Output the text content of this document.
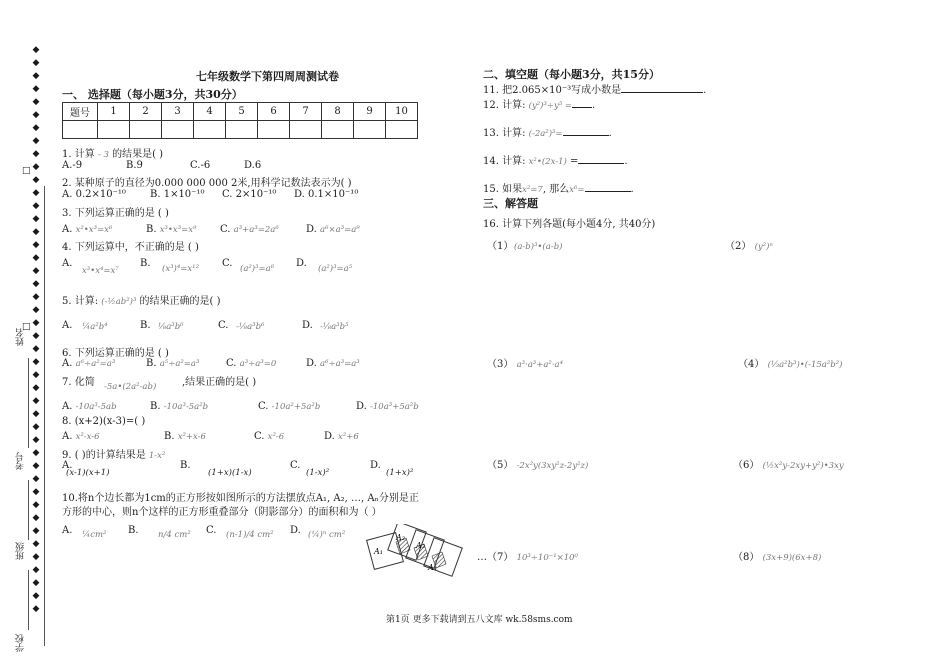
◆
◆
◆
◆
◆
◆
◆
◆
◆
◆
◆
◆
◆
◆
◆
◆
◆
◆
◆
◆
◆
◆
◆
◆
◆
◆
◆
◆
◆
◆
◆
◆
◆
◆
◆
◆
◆
◆
◆
◆
◆
◆
◆
◆
□
□
姓名
考号
班级
学校
七年级数学下第四周周测试卷
一、 选择题（每小题3分，共30分）
题号	1	2	3	4	5	6	7	8	9	10

1. 计算 - 3 的结果是( )
A.-9	B.9	C.-6	D.6
2. 某种原子的直径为0.000 000 000 2米,用科学记数法表示为( )
A. 0.2×10⁻¹⁰ B. 1×10⁻¹⁰ C. 2×10⁻¹⁰ D. 0.1×10⁻¹⁰
3. 下列运算正确的是 ( )
A. x²•x³=x⁶	B. x³•x³=x⁹ C. a³+a³=2a⁶	D. a⁶×a³=a⁹
4. 下列运算中，不正确的是 ( )
A.
x³•x⁴=x⁷
B. (x³)⁴=x¹² C. (a²)³=a⁶ D. (a²)³=a⁵
5. 计算: (-½ab²)³ 的结果正确的是( )
A. ¼a²b⁴	B. ⅛a³b⁶	C. -⅛a³b⁶	D. -⅛a³b⁵
6. 下列运算正确的是 ( )
A. a⁶÷a²=a³	B. a⁵÷a²=a³	C. a³÷a³=0	D. a⁶÷a³=a³
7. 化简 -5a•(2a²-ab)	,结果正确的是( )
A. -10a³-5ab	B. -10a³-5a²b	C. -10a²+5a²b	D. -10a³+5a²b
8. (x+2)(x-3)=( )
A. x²-x-6	B. x²+x-6	C. x²-6	D. x²+6
9. ( )的计算结果是 1-x²
A.
(x-1)(x+1)
B.
(1+x)(1-x)
C.
(1-x)²
D.
(1+x)²
10.将n个边长都为1cm的正方形按如图所示的方法摆放点A₁, A₂, …, Aₙ分别是正
方形的中心，则n个这样的正方形重叠部分（阴影部分）的面积和为（ ）
A. ¼cm² B. n/4 cm² C. (n-1)/4 cm² D. (¼)ⁿ cm²
A₁
A₂
A₃
A₄
二、填空题（每小题3分，共15分）
11. 把2.065×10⁻³写成小数是	.
12. 计算: (y²)³÷y⁵ = .
13. 计算: (-2a²)³=	.
14. 计算: x²•(2x-1) =	.
15. 如果x²=7, 那么x⁶=	.
三、解答题
16. 计算下列各题(每小题4分, 共40分)
（1） (a-b)³•(a-b)	（2） (y²)ⁿ
（3） a³·a³+a²·a⁴	（4） (⅓a²b³)•(-15a²b²)
（5） -2x²y(3xy²z-2y²z)	（6） (½x²y-2xy+y²)•3xy
…（7） 10³÷10⁻¹×10⁰	（8） (3x+9)(6x+8)
第1页 更多下载请到五八文库 wk.58sms.com
